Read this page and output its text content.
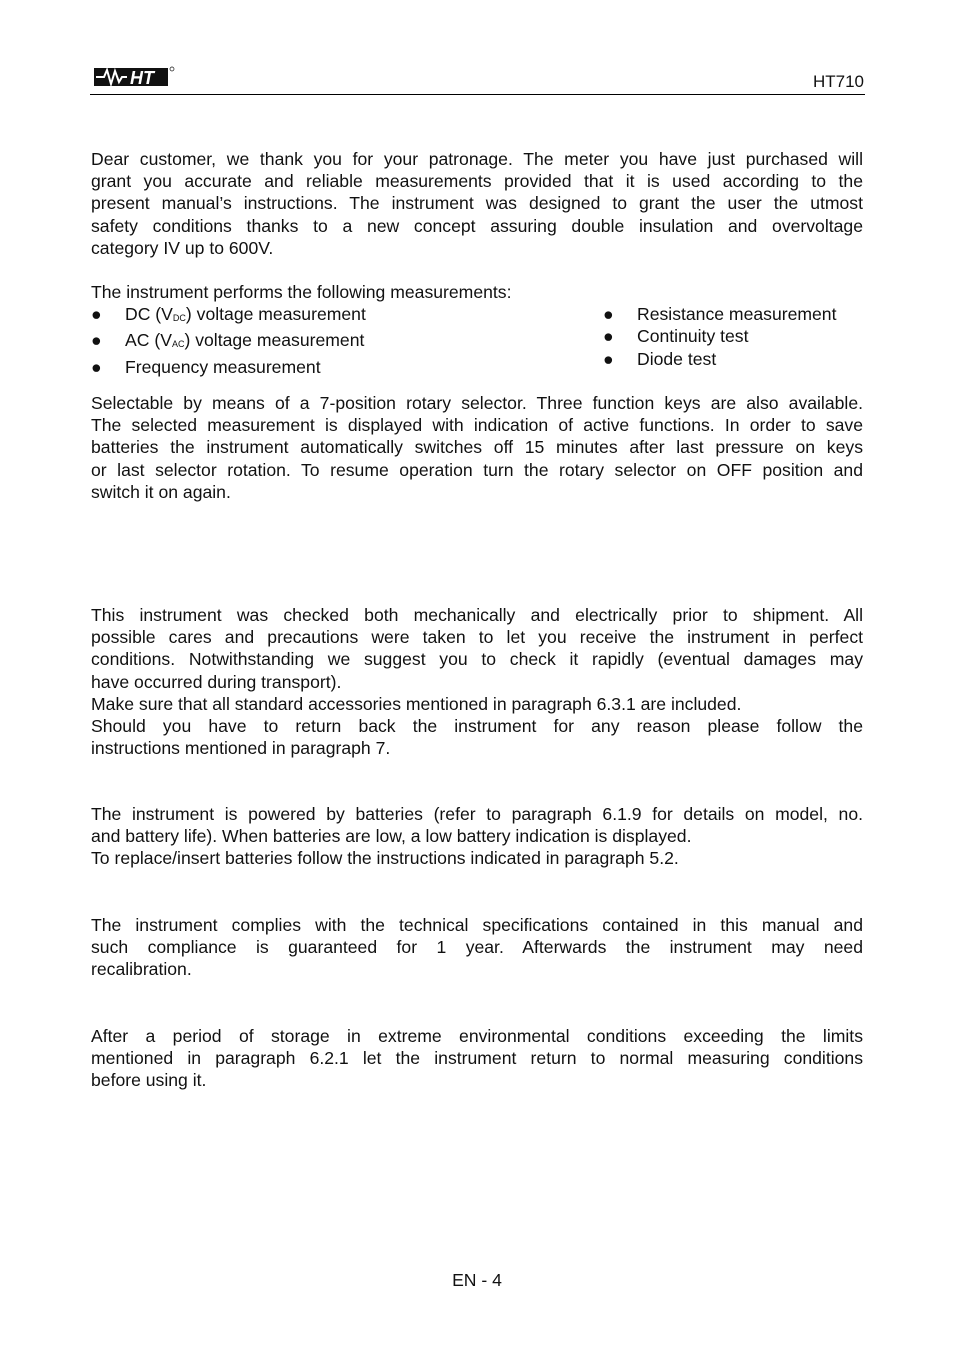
HT	HT710
Dear customer, we thank you for your patronage. The meter you have just purchased will
grant you accurate and reliable measurements provided that it is used according to the
present manual’s instructions. The instrument was designed to grant the user the utmost
safety conditions thanks to a new concept assuring double insulation and overvoltage
category IV up to 600V.
The instrument performs the following measurements:
●	DC $(V_{DC})$ voltage measurement
●	AC $(V_{AC})$ voltage measurement
●	Frequency measurement
●	Resistance measurement
●	Continuity test
●	Diode test
Selectable by means of a 7-position rotary selector. Three function keys are also available.
The selected measurement is displayed with indication of active functions. In order to save
batteries the instrument automatically switches off 15 minutes after last pressure on keys
or last selector rotation. To resume operation turn the rotary selector on OFF position and
switch it on again.
This instrument was checked both mechanically and electrically prior to shipment. All
possible cares and precautions were taken to let you receive the instrument in perfect
conditions. Notwithstanding we suggest you to check it rapidly (eventual damages may
have occurred during transport).
Make sure that all standard accessories mentioned in paragraph 6.3.1 are included.
Should you have to return back the instrument for any reason please follow the
instructions mentioned in paragraph 7.
The instrument is powered by batteries (refer to paragraph 6.1.9 for details on model, no.
and battery life). When batteries are low, a low battery indication is displayed.
To replace/insert batteries follow the instructions indicated in paragraph 5.2.
The instrument complies with the technical specifications contained in this manual and
such compliance is guaranteed for 1 year. Afterwards the instrument may need
recalibration.
After a period of storage in extreme environmental conditions exceeding the limits
mentioned in paragraph 6.2.1 let the instrument return to normal measuring conditions
before using it.
EN - 4
